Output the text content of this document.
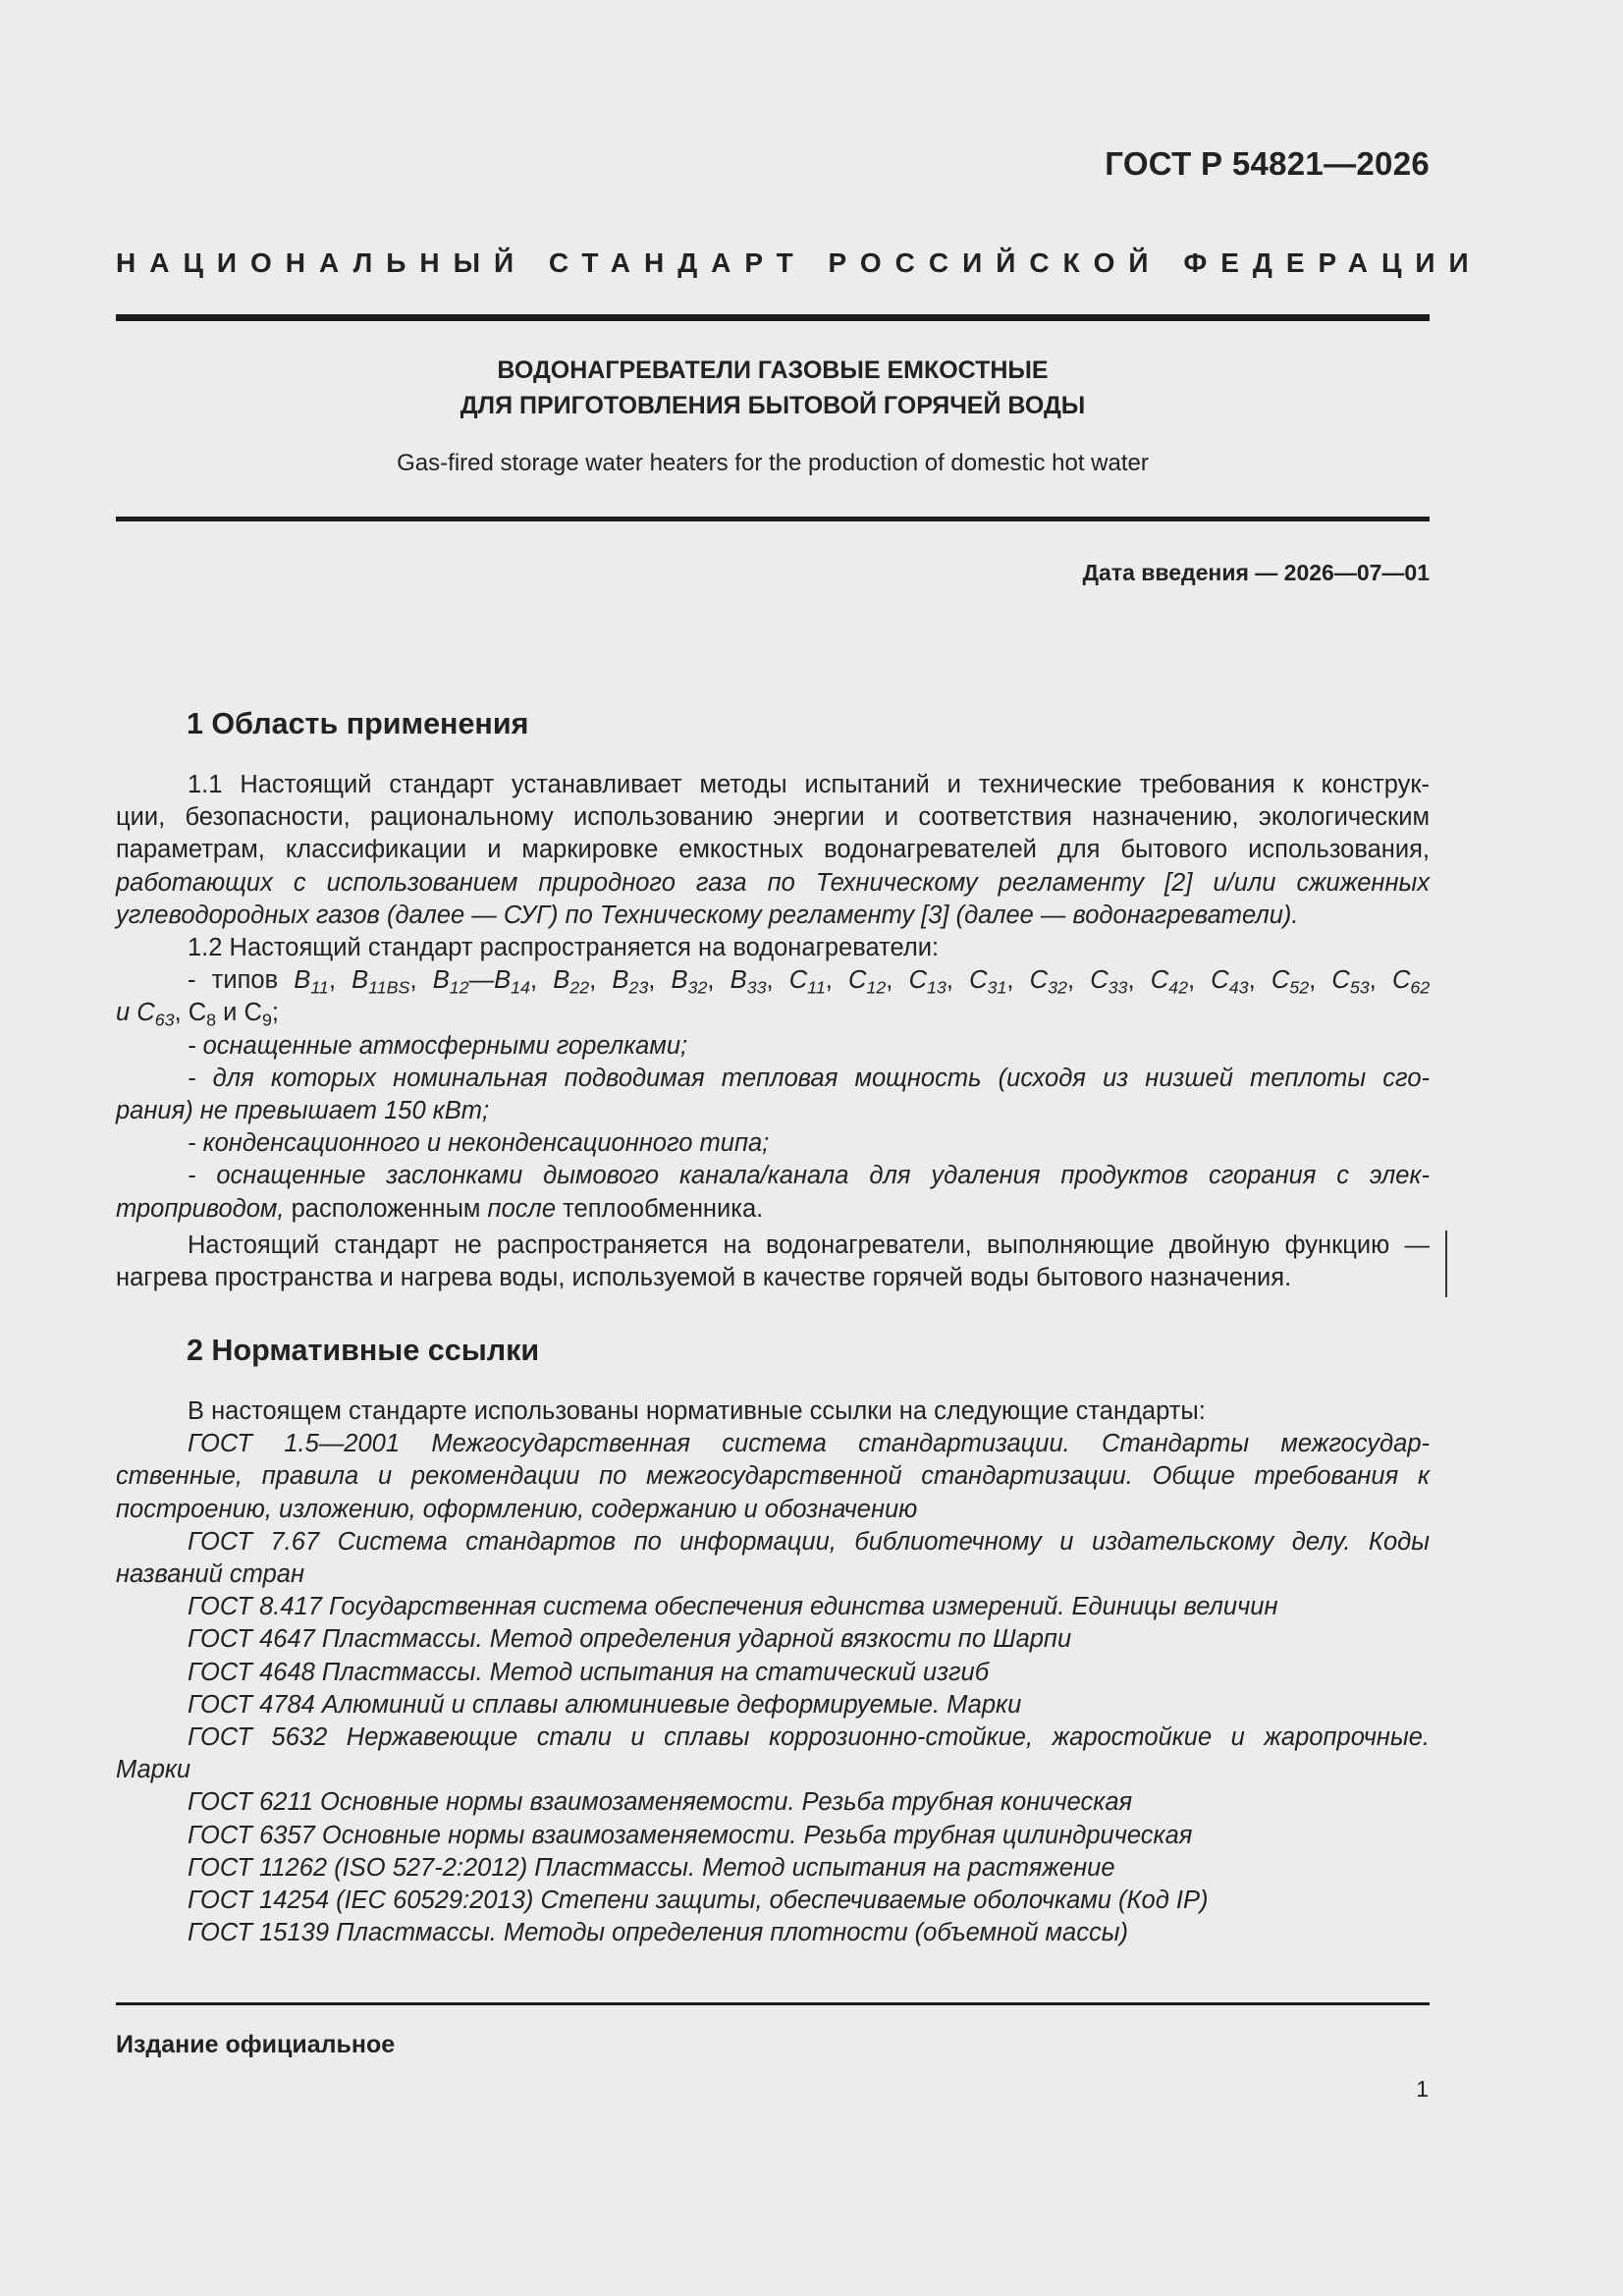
ГОСТ Р 54821—2026
НАЦИОНАЛЬНЫЙ СТАНДАРТ РОССИЙСКОЙ ФЕДЕРАЦИИ
ВОДОНАГРЕВАТЕЛИ ГАЗОВЫЕ ЕМКОСТНЫЕ
ДЛЯ ПРИГОТОВЛЕНИЯ БЫТОВОЙ ГОРЯЧЕЙ ВОДЫ
Gas-fired storage water heaters for the production of domestic hot water
Дата введения — 2026—07—01
1 Область применения

1.1 Настоящий стандарт устанавливает методы испытаний и технические требования к конструк-

ции, безопасности, рациональному использованию энергии и соответствия назначению, экологическим

параметрам, классификации и маркировке емкостных водонагревателей для бытового использования,

работающих с использованием природного газа по Техническому регламенту [2] и/или сжиженных

углеводородных газов (далее — СУГ) по Техническому регламенту [3] (далее — водонагреватели).

1.2 Настоящий стандарт распространяется на водонагреватели:

- типов $B_{11}$, $B_{11BS}$, $B_{12}—B_{14}$, $B_{22}$, $B_{23}$, $B_{32}$, $B_{33}$, $C_{11}$, $C_{12}$, $C_{13}$, $C_{31}$, $C_{32}$, $C_{33}$, $C_{42}$, $C_{43}$, $C_{52}$, $C_{53}$, $C_{62}$

и $C_{63}$, $C_8$ и $C_9$;

- оснащенные атмосферными горелками;

- для которых номинальная подводимая тепловая мощность (исходя из низшей теплоты сго-

рания) не превышает 150 кВт;

- конденсационного и неконденсационного типа;

- оснащенные заслонками дымового канала/канала для удаления продуктов сгорания с элек-

троприводом, расположенным после теплообменника.

Настоящий стандарт не распространяется на водонагреватели, выполняющие двойную функцию —

нагрева пространства и нагрева воды, используемой в качестве горячей воды бытового назначения.

2 Нормативные ссылки

В настоящем стандарте использованы нормативные ссылки на следующие стандарты:

ГОСТ 1.5—2001 Межгосударственная система стандартизации. Стандарты межгосудар-

ственные, правила и рекомендации по межгосударственной стандартизации. Общие требования к

построению, изложению, оформлению, содержанию и обозначению

ГОСТ 7.67 Система стандартов по информации, библиотечному и издательскому делу. Коды

названий стран

ГОСТ 8.417 Государственная система обеспечения единства измерений. Единицы величин

ГОСТ 4647 Пластмассы. Метод определения ударной вязкости по Шарпи

ГОСТ 4648 Пластмассы. Метод испытания на статический изгиб

ГОСТ 4784 Алюминий и сплавы алюминиевые деформируемые. Марки

ГОСТ 5632 Нержавеющие стали и сплавы коррозионно-стойкие, жаростойкие и жаропрочные.

Марки

ГОСТ 6211 Основные нормы взаимозаменяемости. Резьба трубная коническая

ГОСТ 6357 Основные нормы взаимозаменяемости. Резьба трубная цилиндрическая

ГОСТ 11262 (ISO 527-2:2012) Пластмассы. Метод испытания на растяжение

ГОСТ 14254 (IEC 60529:2013) Степени защиты, обеспечиваемые оболочками (Код IP)

ГОСТ 15139 Пластмассы. Методы определения плотности (объемной массы)

Издание официальное
1
